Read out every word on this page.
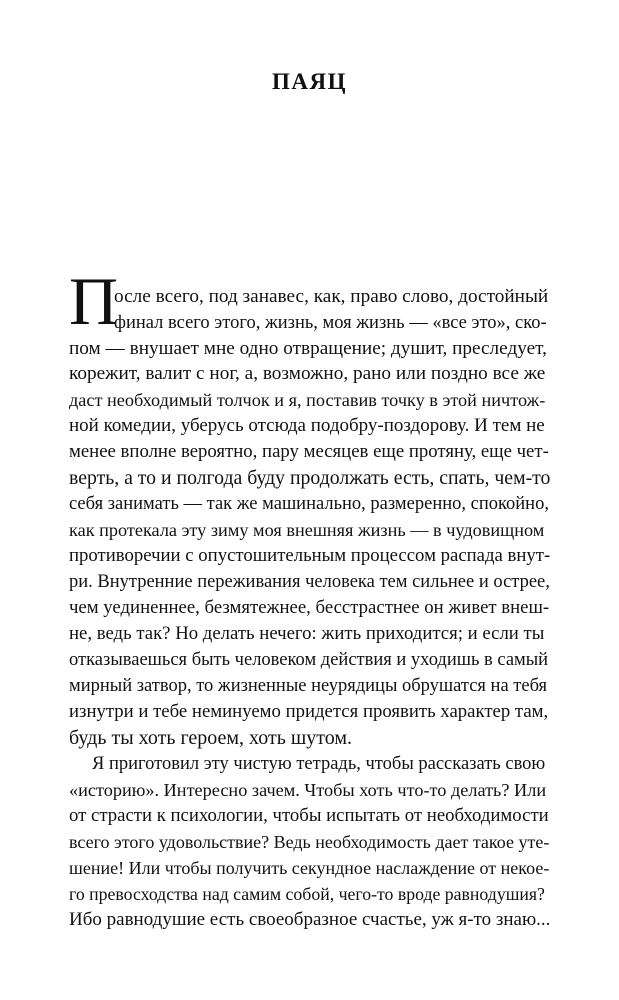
ПАЯЦ
П
осле всего, под занавес, как, право слово, достойный
финал всего этого, жизнь, моя жизнь — «все это», ско-
пом — внушает мне одно отвращение; душит, преследует,
корежит, валит с ног, а, возможно, рано или поздно все же
даст необходимый толчок и я, поставив точку в этой ничтож-
ной комедии, уберусь отсюда подобру-поздорову. И тем не
менее вполне вероятно, пару месяцев еще протяну, еще чет-
верть, а то и полгода буду продолжать есть, спать, чем-то
себя занимать — так же машинально, размеренно, спокойно,
как протекала эту зиму моя внешняя жизнь — в чудовищном
противоречии с опустошительным процессом распада внут-
ри. Внутренние переживания человека тем сильнее и острее,
чем уединеннее, безмятежнее, бесстрастнее он живет внеш-
не, ведь так? Но делать нечего: жить приходится; и если ты
отказываешься быть человеком действия и уходишь в самый
мирный затвор, то жизненные неурядицы обрушатся на тебя
изнутри и тебе неминуемо придется проявить характер там,
будь ты хоть героем, хоть шутом.
Я приготовил эту чистую тетрадь, чтобы рассказать свою
«историю». Интересно зачем. Чтобы хоть что-то делать? Или
от страсти к психологии, чтобы испытать от необходимости
всего этого удовольствие? Ведь необходимость дает такое уте-
шение! Или чтобы получить секундное наслаждение от некое-
го превосходства над самим собой, чего-то вроде равнодушия?
Ибо равнодушие есть своеобразное счастье, уж я-то знаю...
